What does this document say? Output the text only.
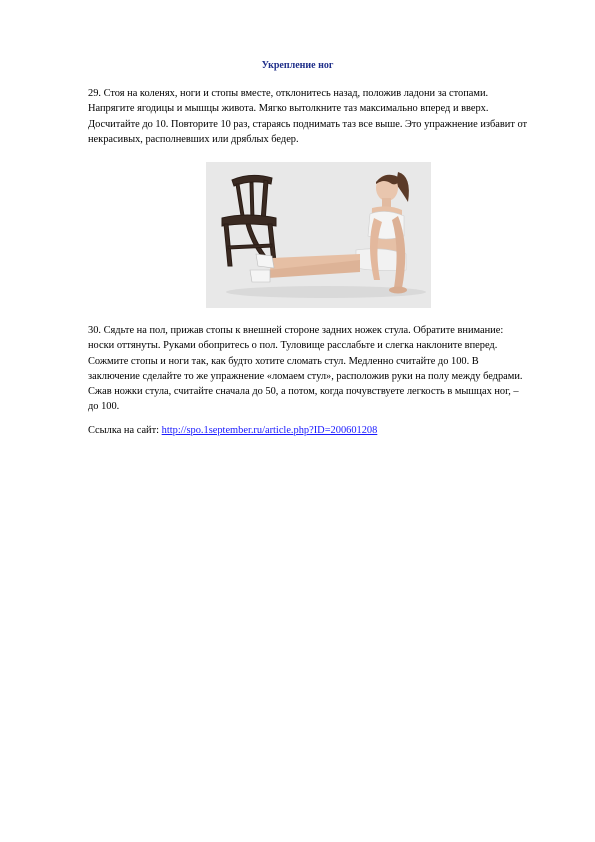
Укрепление ног

29. Стоя на коленях, ноги и стопы вместе, отклонитесь назад, положив ладони за стопами. Напрягите ягодицы и мышцы живота. Мягко вытолкните таз максимально вперед и вверх. Досчитайте до 10. Повторите 10 раз, стараясь поднимать таз все выше. Это упражнение избавит от некрасивых, располневших или дряблых бедер.

30. Сядьте на пол, прижав стопы к внешней стороне задних ножек стула. Обратите внимание: носки оттянуты. Руками обопритесь о пол. Туловище расслабьте и слегка наклоните вперед. Сожмите стопы и ноги так, как будто хотите сломать стул. Медленно считайте до 100. В заключение сделайте то же упражнение «ломаем стул», расположив руки на полу между бедрами. Сжав ножки стула, считайте сначала до 50, а потом, когда почувствуете легкость в мышцах ног, – до 100.

Ссылка на сайт: http://spo.1september.ru/article.php?ID=200601208
